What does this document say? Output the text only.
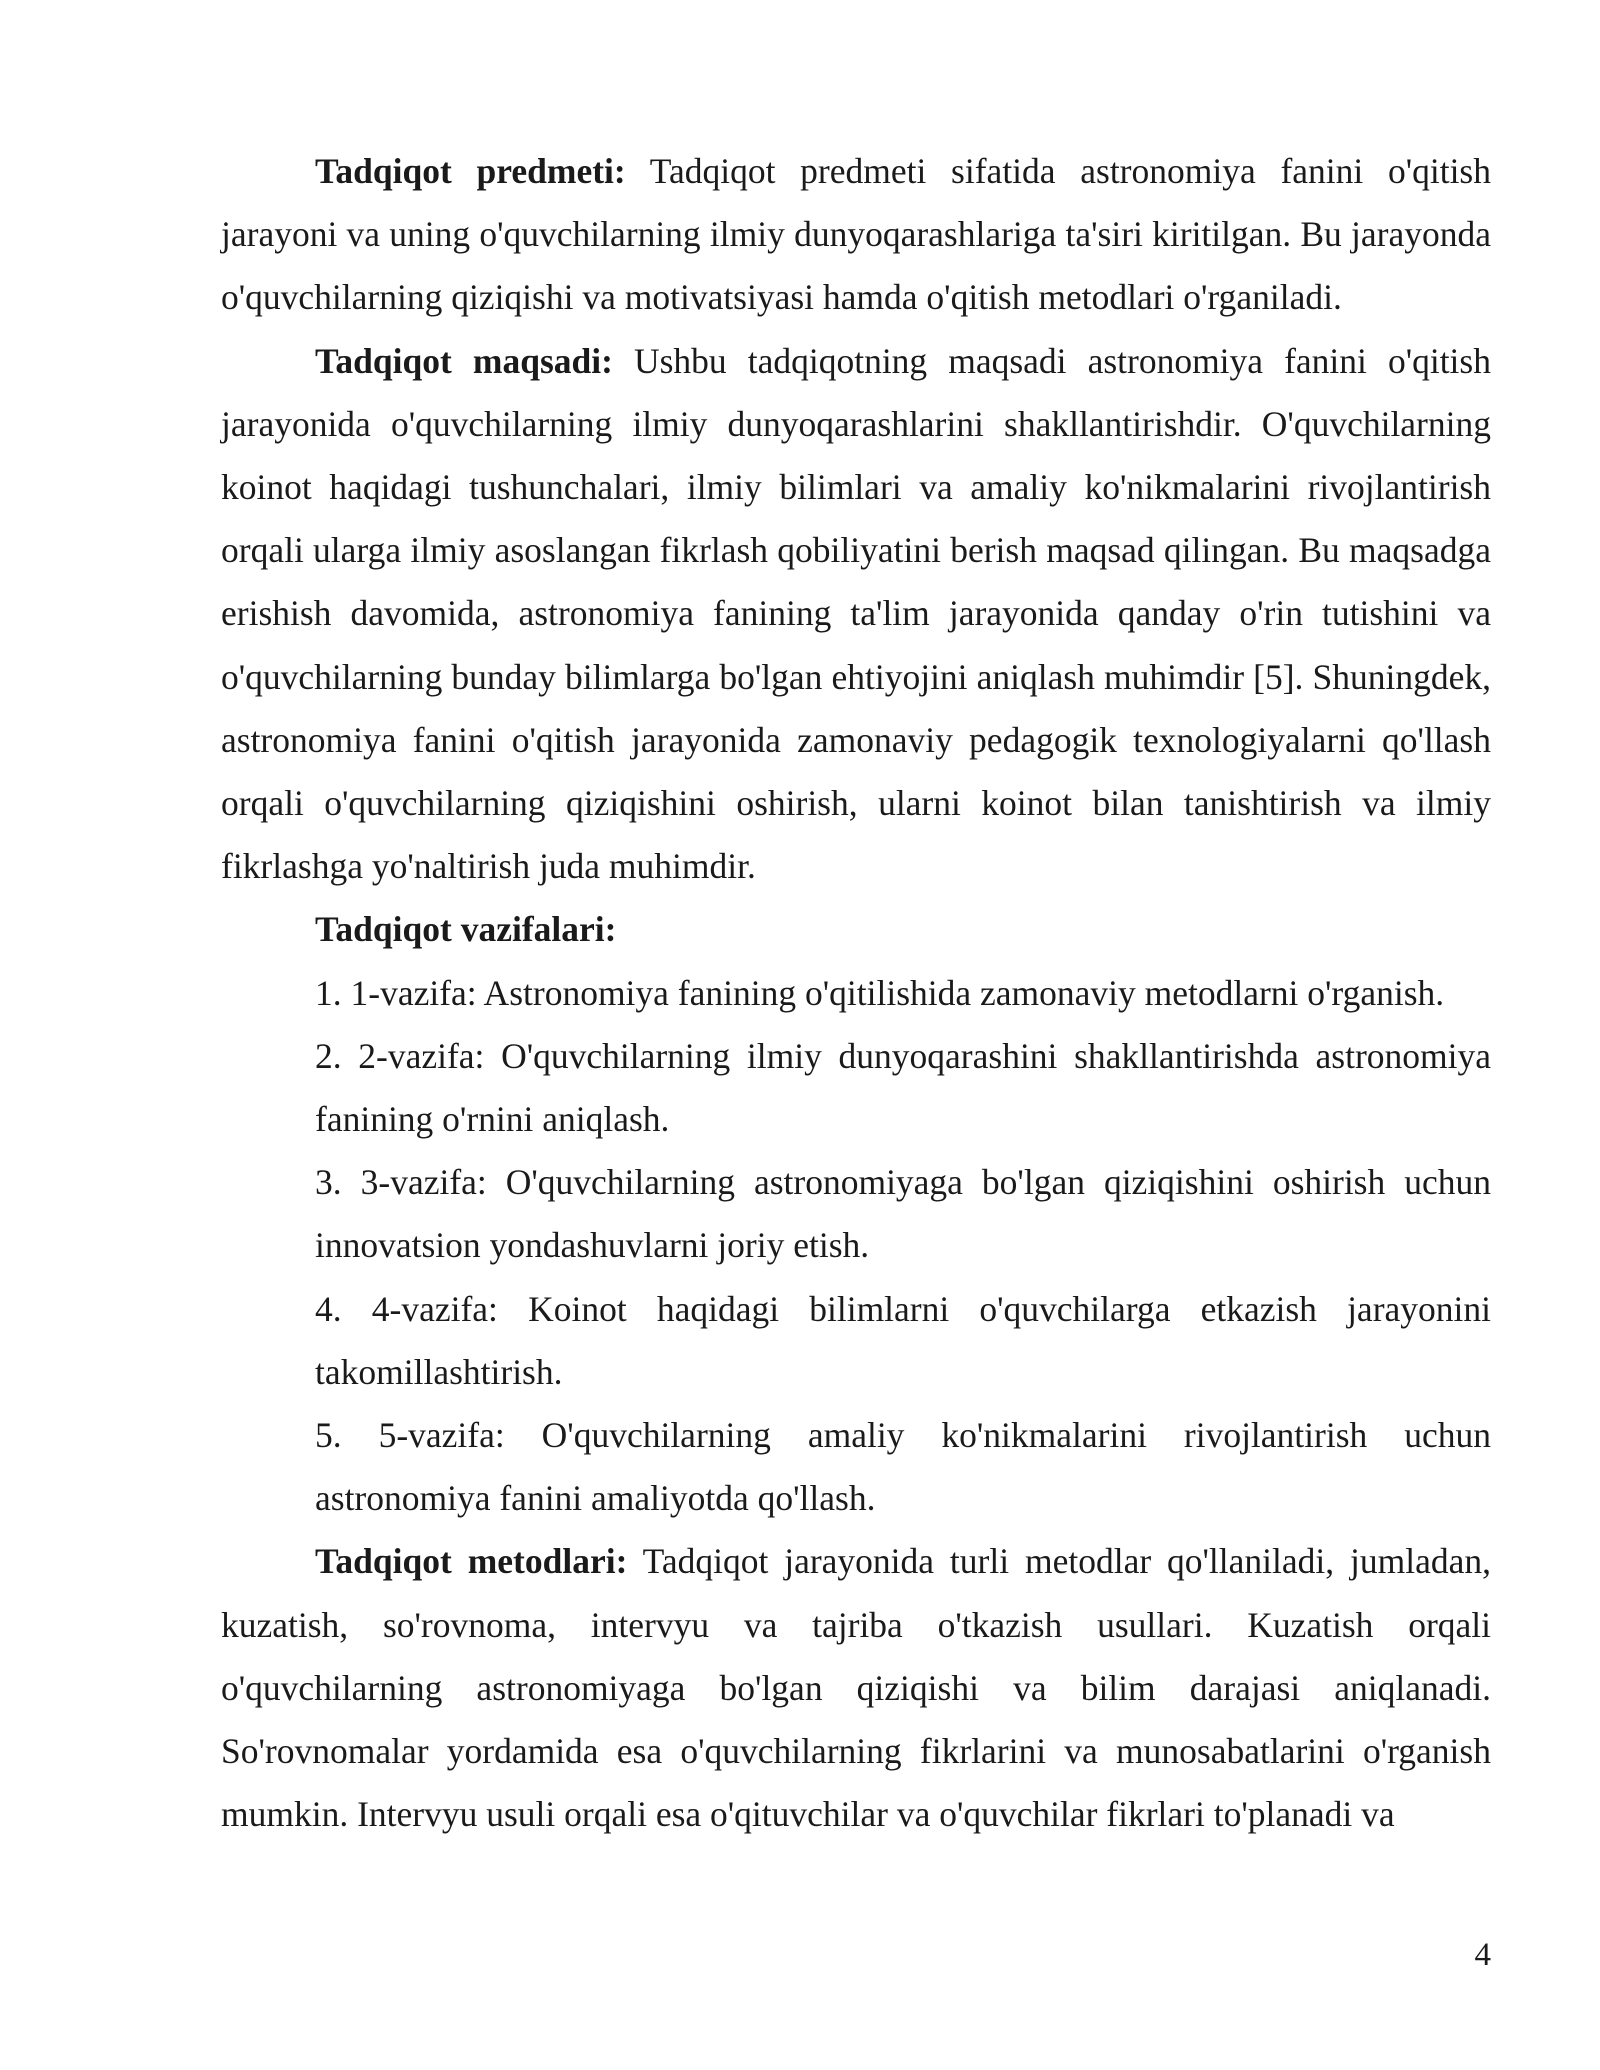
Tadqiqot predmeti: Tadqiqot predmeti sifatida astronomiya fanini o'qitish jarayoni va uning o'quvchilarning ilmiy dunyoqarashlariga ta'siri kiritilgan. Bu jarayonda o'quvchilarning qiziqishi va motivatsiyasi hamda o'qitish metodlari o'rganiladi.

Tadqiqot maqsadi: Ushbu tadqiqotning maqsadi astronomiya fanini o'qitish jarayonida o'quvchilarning ilmiy dunyoqarashlarini shakllantirishdir. O'quvchilarning koinot haqidagi tushunchalari, ilmiy bilimlari va amaliy ko'nikmalarini rivojlantirish orqali ularga ilmiy asoslangan fikrlash qobiliyatini berish maqsad qilingan. Bu maqsadga erishish davomida, astronomiya fanining ta'lim jarayonida qanday o'rin tutishini va o'quvchilarning bunday bilimlarga bo'lgan ehtiyojini aniqlash muhimdir [5]. Shuningdek, astronomiya fanini o'qitish jarayonida zamonaviy pedagogik texnologiyalarni qo'llash orqali o'quvchilarning qiziqishini oshirish, ularni koinot bilan tanishtirish va ilmiy fikrlashga yo'naltirish juda muhimdir.

Tadqiqot vazifalari:

1. 1-vazifa: Astronomiya fanining o'qitilishida zamonaviy metodlarni o'rganish.

2. 2-vazifa: O'quvchilarning ilmiy dunyoqarashini shakllantirishda astronomiya fanining o'rnini aniqlash.

3. 3-vazifa: O'quvchilarning astronomiyaga bo'lgan qiziqishini oshirish uchun innovatsion yondashuvlarni joriy etish.

4. 4-vazifa: Koinot haqidagi bilimlarni o'quvchilarga etkazish jarayonini takomillashtirish.

5. 5-vazifa: O'quvchilarning amaliy ko'nikmalarini rivojlantirish uchun astronomiya fanini amaliyotda qo'llash.

Tadqiqot metodlari: Tadqiqot jarayonida turli metodlar qo'llaniladi, jumladan, kuzatish, so'rovnoma, intervyu va tajriba o'tkazish usullari. Kuzatish orqali o'quvchilarning astronomiyaga bo'lgan qiziqishi va bilim darajasi aniqlanadi. So'rovnomalar yordamida esa o'quvchilarning fikrlarini va munosabatlarini o'rganish mumkin. Intervyu usuli orqali esa o'qituvchilar va o'quvchilar fikrlari to'planadi va

4
